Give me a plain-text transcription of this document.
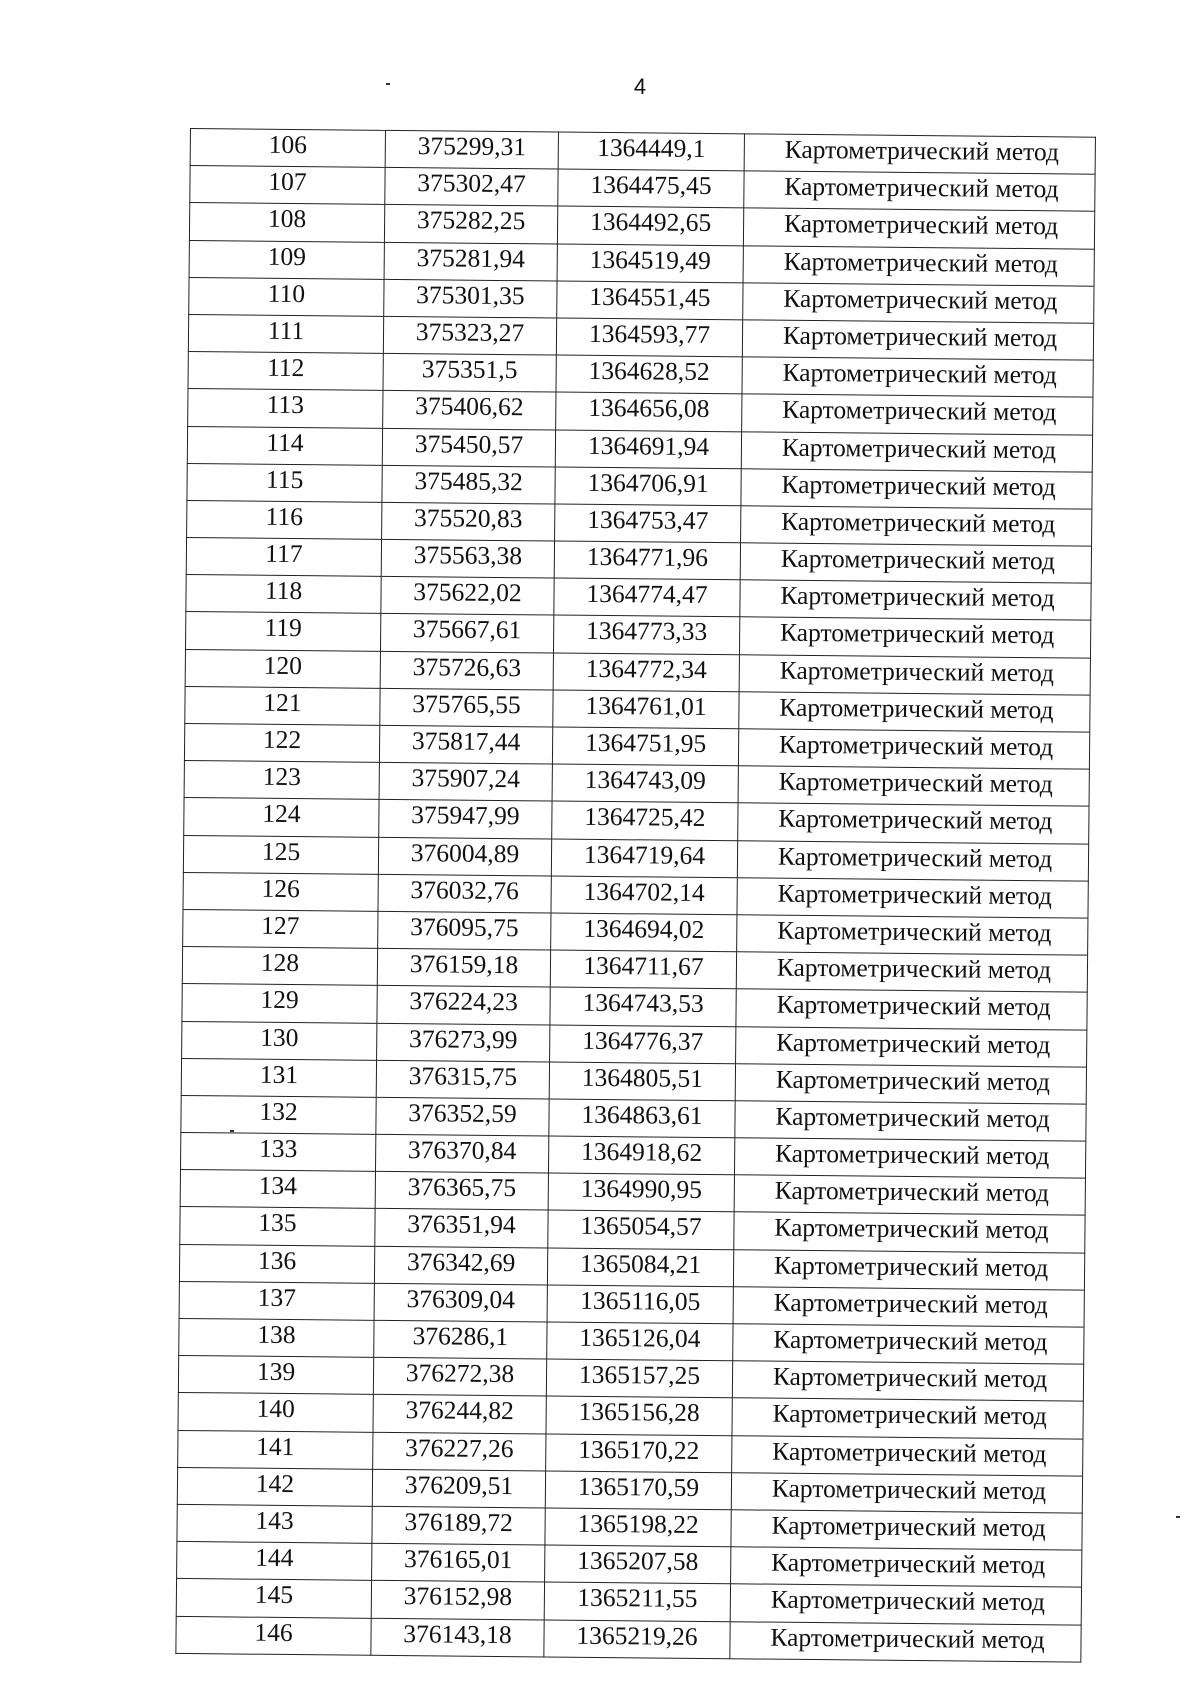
4
106	375299,31	1364449,1	Картометрический метод
107	375302,47	1364475,45	Картометрический метод
108	375282,25	1364492,65	Картометрический метод
109	375281,94	1364519,49	Картометрический метод
110	375301,35	1364551,45	Картометрический метод
111	375323,27	1364593,77	Картометрический метод
112	375351,5	1364628,52	Картометрический метод
113	375406,62	1364656,08	Картометрический метод
114	375450,57	1364691,94	Картометрический метод
115	375485,32	1364706,91	Картометрический метод
116	375520,83	1364753,47	Картометрический метод
117	375563,38	1364771,96	Картометрический метод
118	375622,02	1364774,47	Картометрический метод
119	375667,61	1364773,33	Картометрический метод
120	375726,63	1364772,34	Картометрический метод
121	375765,55	1364761,01	Картометрический метод
122	375817,44	1364751,95	Картометрический метод
123	375907,24	1364743,09	Картометрический метод
124	375947,99	1364725,42	Картометрический метод
125	376004,89	1364719,64	Картометрический метод
126	376032,76	1364702,14	Картометрический метод
127	376095,75	1364694,02	Картометрический метод
128	376159,18	1364711,67	Картометрический метод
129	376224,23	1364743,53	Картометрический метод
130	376273,99	1364776,37	Картометрический метод
131	376315,75	1364805,51	Картометрический метод
132	376352,59	1364863,61	Картометрический метод
133	376370,84	1364918,62	Картометрический метод
134	376365,75	1364990,95	Картометрический метод
135	376351,94	1365054,57	Картометрический метод
136	376342,69	1365084,21	Картометрический метод
137	376309,04	1365116,05	Картометрический метод
138	376286,1	1365126,04	Картометрический метод
139	376272,38	1365157,25	Картометрический метод
140	376244,82	1365156,28	Картометрический метод
141	376227,26	1365170,22	Картометрический метод
142	376209,51	1365170,59	Картометрический метод
143	376189,72	1365198,22	Картометрический метод
144	376165,01	1365207,58	Картометрический метод
145	376152,98	1365211,55	Картометрический метод
146	376143,18	1365219,26	Картометрический метод
